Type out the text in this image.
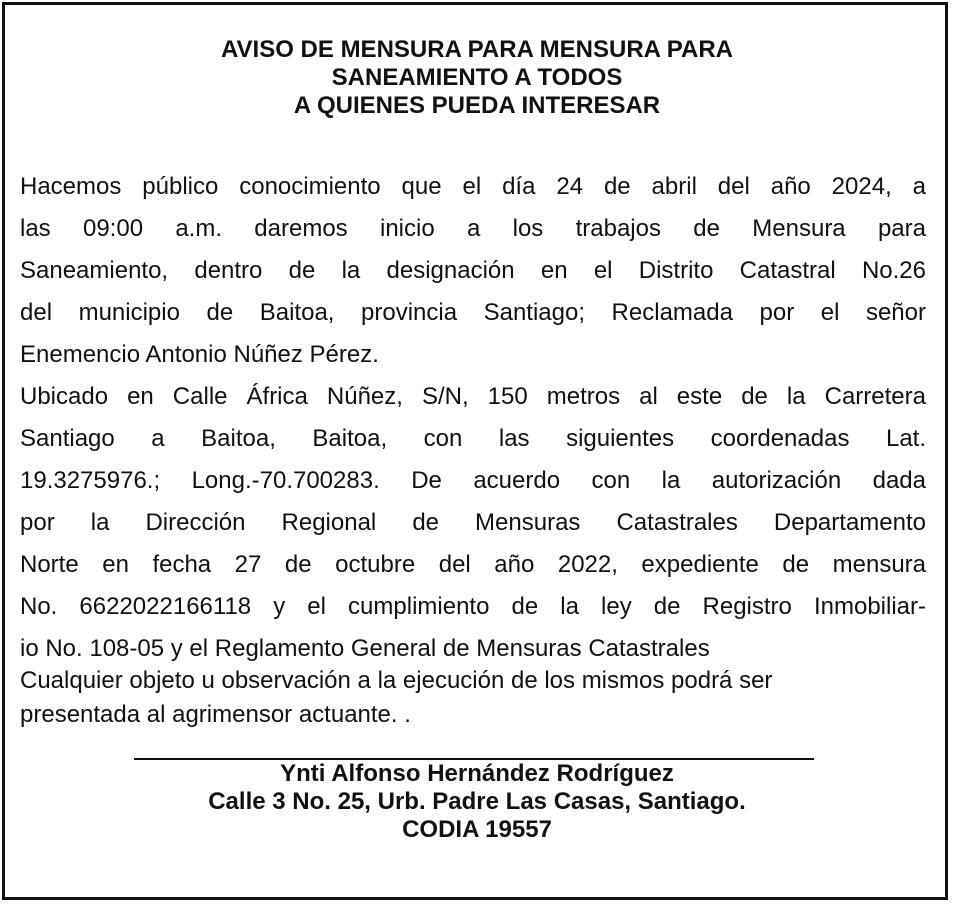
AVISO DE MENSURA PARA MENSURA PARA
SANEAMIENTO A TODOS
A QUIENES PUEDA INTERESAR
Hacemos público conocimiento que el día 24 de abril del año 2024, a
las 09:00 a.m. daremos inicio a los trabajos de Mensura para
Saneamiento, dentro de la designación en el Distrito Catastral No.26
del municipio de Baitoa, provincia Santiago; Reclamada por el señor
Enemencio Antonio Núñez Pérez.
Ubicado en Calle África Núñez, S/N, 150 metros al este de la Carretera
Santiago a Baitoa, Baitoa, con las siguientes coordenadas Lat.
19.3275976.; Long.-70.700283. De acuerdo con la autorización dada
por la Dirección Regional de Mensuras Catastrales Departamento
Norte en fecha 27 de octubre del año 2022, expediente de mensura
No. 6622022166118 y el cumplimiento de la ley de Registro Inmobiliar-
io No. 108-05 y el Reglamento General de Mensuras Catastrales
Cualquier objeto u observación a la ejecución de los mismos podrá ser
presentada al agrimensor actuante. .
Ynti Alfonso Hernández Rodríguez
Calle 3 No. 25, Urb. Padre Las Casas, Santiago.
CODIA 19557
